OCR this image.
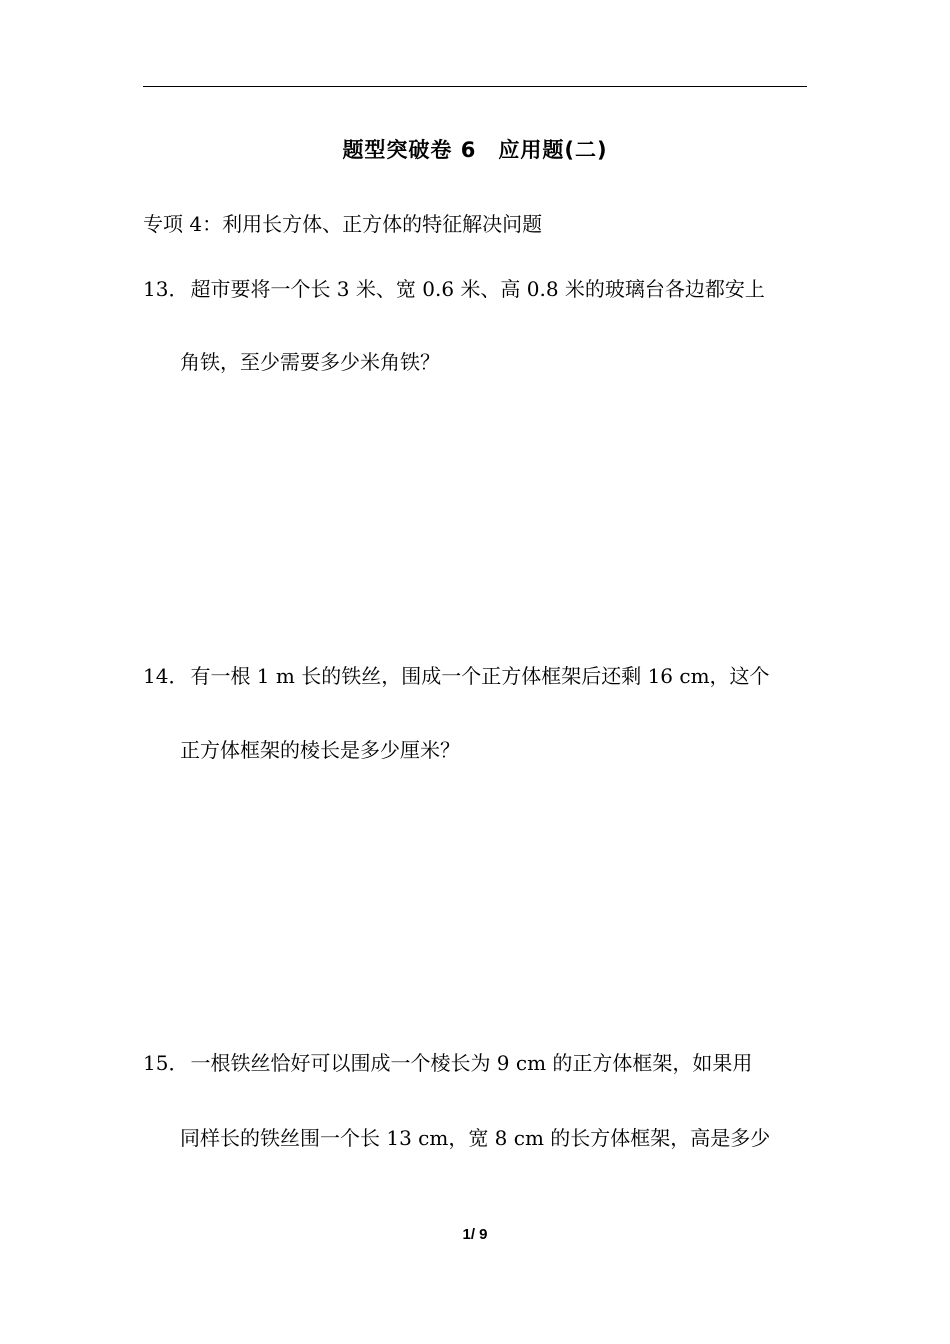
题型突破卷 6　应用题(二)
专项 4：利用长方体、正方体的特征解决问题
13． 超市要将一个长 3 米、宽 0.6 米、高 0.8 米的玻璃台各边都安上
角铁，至少需要多少米角铁？
14． 有一根 1 m 长的铁丝，围成一个正方体框架后还剩 16 cm，这个
正方体框架的棱长是多少厘米？
15． 一根铁丝恰好可以围成一个棱长为 9 cm 的正方体框架，如果用
同样长的铁丝围一个长 13 cm，宽 8 cm 的长方体框架，高是多少
1/ 9
